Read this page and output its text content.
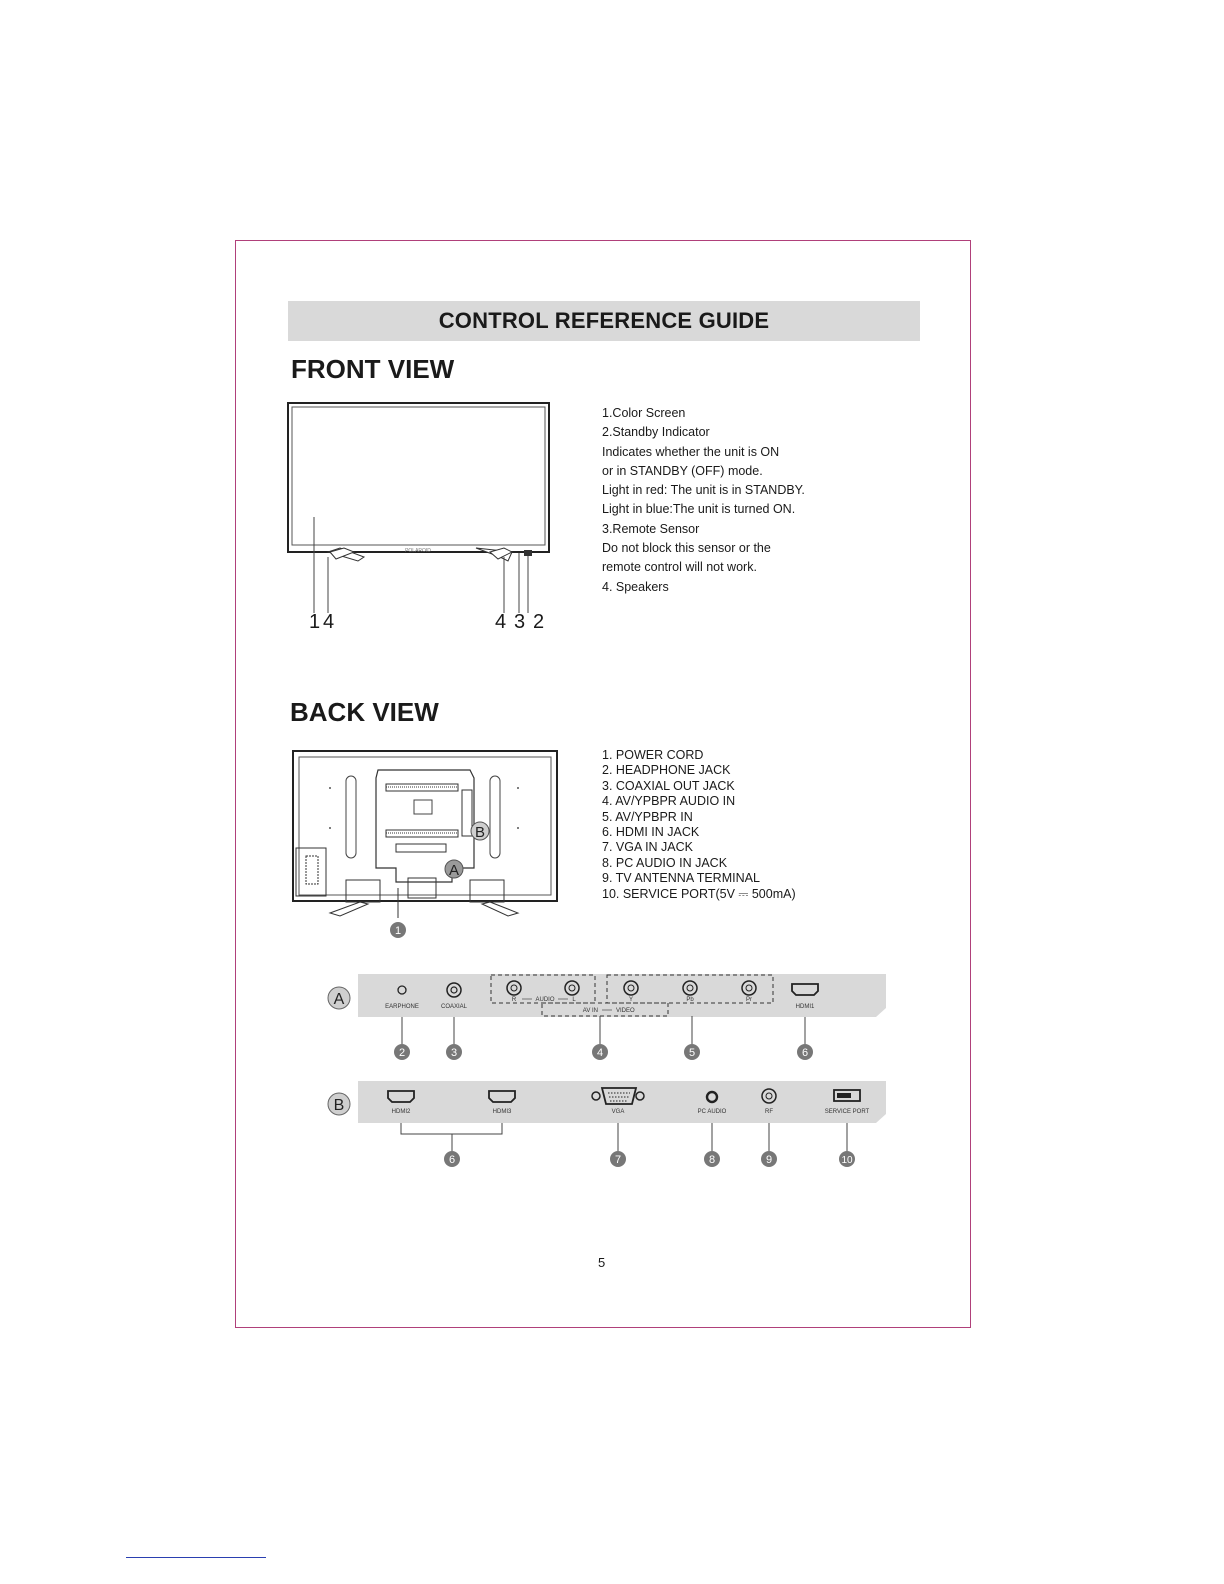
CONTROL REFERENCE GUIDE
FRONT VIEW
POLAROID
1 4	4 3 2
1.Color Screen
2.Standby Indicator
Indicates whether the unit is ON
or in STANDBY (OFF) mode.
Light in red: The unit is in STANDBY.
Light in blue:The unit is turned ON.
3.Remote Sensor
Do not block this sensor or the
remote control will not work.
4. Speakers
BACK VIEW
B
A
1
1. POWER CORD
2. HEADPHONE JACK
3. COAXIAL OUT JACK
4. AV/YPBPR AUDIO IN
5. AV/YPBPR IN
6. HDMI IN JACK
7. VGA IN JACK
8. PC AUDIO IN JACK
9. TV ANTENNA TERMINAL
10. SERVICE PORT(5V ⎓ 500mA)
A	EARPHONE	COAXIAL
R	AUDIO	L	Y	Pb	Pr
AV IN	VIDEO
HDMI1
2	3	4	5	6
B	HDMI2	HDMI3	VGA	PC AUDIO	RF	SERVICE PORT
6	7	8	9	10
5
